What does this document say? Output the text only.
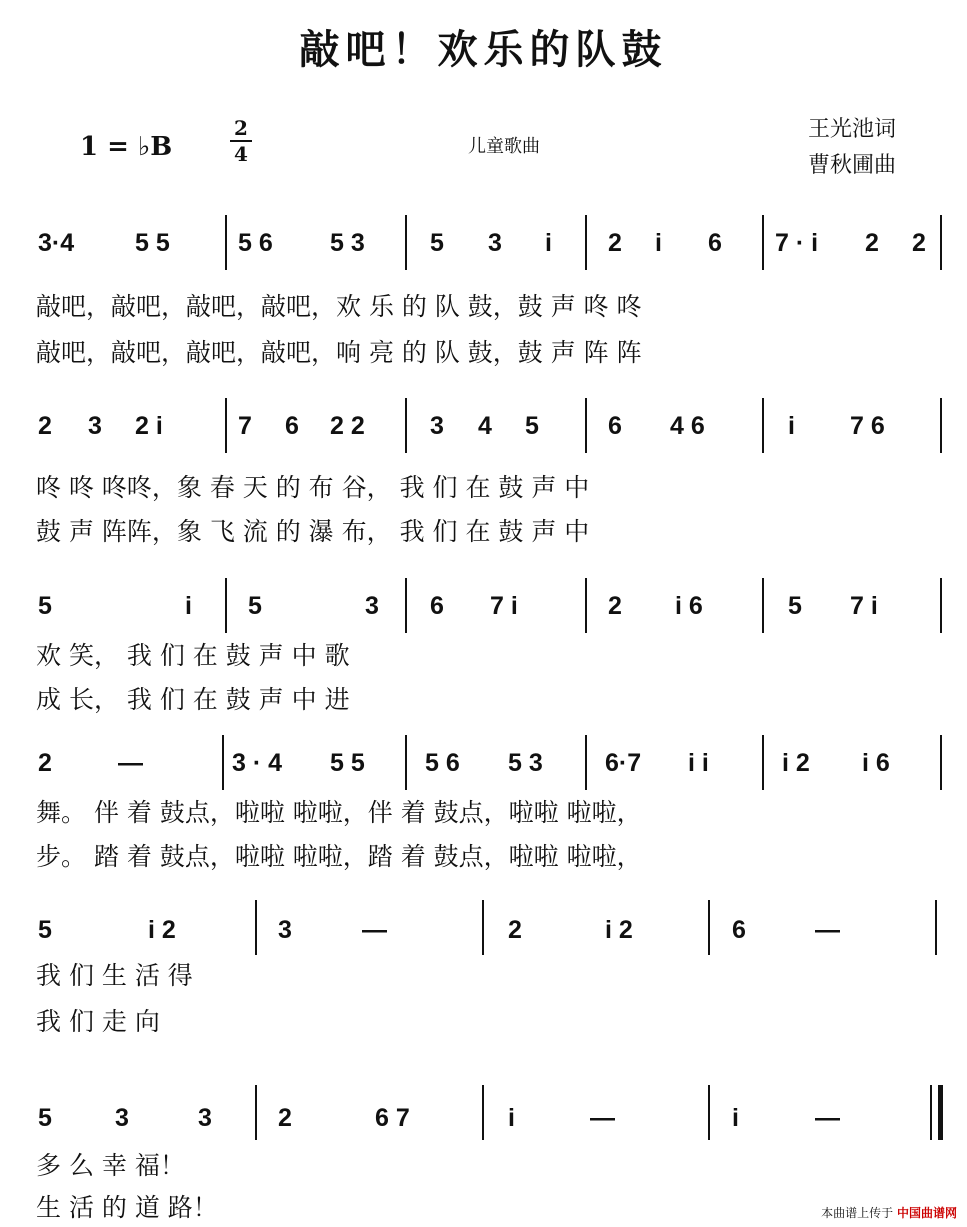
敲吧！欢乐的队鼓
1 = ♭B
2
4	儿童歌曲
王光池词
曹秋圃曲
3·4 5 5	5 6 5 3	5 3 i 2 i 6 7 · i 2 2
敲吧，敲吧，敲吧，敲吧，欢 乐 的 队 鼓，鼓 声 咚 咚
敲吧，敲吧，敲吧，敲吧，响 亮 的 队 鼓，鼓 声 阵 阵
2 3 2 i	7 6 2 2	3 4 5	6 4 6	i 7 6
咚 咚 咚咚，象 春 天 的 布 谷， 我 们 在 鼓 声 中
鼓 声 阵阵，象 飞 流 的 瀑 布， 我 们 在 鼓 声 中
5	i 5	3 6 7 i	2 i 6	5 7 i
欢 笑， 我 们 在 鼓 声 中 歌
成 长， 我 们 在 鼓 声 中 进
2	—	3 · 4 5 5 5 6 5 3 6·7 i i	i 2 i 6
舞。 伴 着 鼓点，啦啦 啦啦，伴 着 鼓点，啦啦 啦啦，
步。 踏 着 鼓点，啦啦 啦啦，踏 着 鼓点，啦啦 啦啦，
5	i 2	3	—	2	i 2	6	—
我 们 生 活 得
我 们 走 向
5	3	3	2	6 7	i	—	i	—
多 么 幸 福！
生 活 的 道 路！	本曲谱上传于 中国曲谱网
